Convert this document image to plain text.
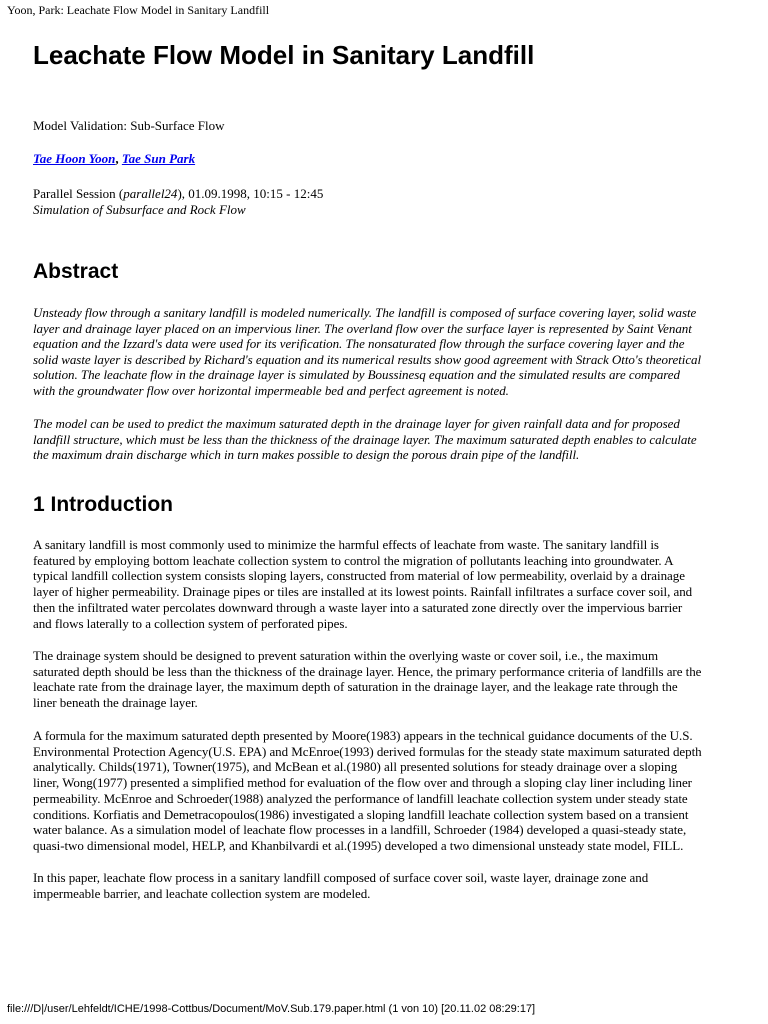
Yoon, Park: Leachate Flow Model in Sanitary Landfill
Leachate Flow Model in Sanitary Landfill
Model Validation: Sub-Surface Flow
Tae Hoon Yoon, Tae Sun Park
Parallel Session (parallel24), 01.09.1998, 10:15 - 12:45
Simulation of Subsurface and Rock Flow
Abstract

Unsteady flow through a sanitary landfill is modeled numerically. The landfill is composed of surface covering layer, solid waste
layer and drainage layer placed on an impervious liner. The overland flow over the surface layer is represented by Saint Venant
equation and the Izzard's data were used for its verification. The nonsaturated flow through the surface covering layer and the
solid waste layer is described by Richard's equation and its numerical results show good agreement with Strack Otto's theoretical
solution. The leachate flow in the drainage layer is simulated by Boussinesq equation and the simulated results are compared
with the groundwater flow over horizontal impermeable bed and perfect agreement is noted.

The model can be used to predict the maximum saturated depth in the drainage layer for given rainfall data and for proposed
landfill structure, which must be less than the thickness of the drainage layer. The maximum saturated depth enables to calculate
the maximum drain discharge which in turn makes possible to design the porous drain pipe of the landfill.

1 Introduction

A sanitary landfill is most commonly used to minimize the harmful effects of leachate from waste. The sanitary landfill is
featured by employing bottom leachate collection system to control the migration of pollutants leaching into groundwater. A
typical landfill collection system consists sloping layers, constructed from material of low permeability, overlaid by a drainage
layer of higher permeability. Drainage pipes or tiles are installed at its lowest points. Rainfall infiltrates a surface cover soil, and
then the infiltrated water percolates downward through a waste layer into a saturated zone directly over the impervious barrier
and flows laterally to a collection system of perforated pipes.

The drainage system should be designed to prevent saturation within the overlying waste or cover soil, i.e., the maximum
saturated depth should be less than the thickness of the drainage layer. Hence, the primary performance criteria of landfills are the
leachate rate from the drainage layer, the maximum depth of saturation in the drainage layer, and the leakage rate through the
liner beneath the drainage layer.

A formula for the maximum saturated depth presented by Moore(1983) appears in the technical guidance documents of the U.S.
Environmental Protection Agency(U.S. EPA) and McEnroe(1993) derived formulas for the steady state maximum saturated depth
analytically. Childs(1971), Towner(1975), and McBean et al.(1980) all presented solutions for steady drainage over a sloping
liner, Wong(1977) presented a simplified method for evaluation of the flow over and through a sloping clay liner including liner
permeability. McEnroe and Schroeder(1988) analyzed the performance of landfill leachate collection system under steady state
conditions. Korfiatis and Demetracopoulos(1986) investigated a sloping landfill leachate collection system based on a transient
water balance. As a simulation model of leachate flow processes in a landfill, Schroeder (1984) developed a quasi-steady state,
quasi-two dimensional model, HELP, and Khanbilvardi et al.(1995) developed a two dimensional unsteady state model, FILL.

In this paper, leachate flow process in a sanitary landfill composed of surface cover soil, waste layer, drainage zone and
impermeable barrier, and leachate collection system are modeled.

file:///D|/user/Lehfeldt/ICHE/1998-Cottbus/Document/MoV.Sub.179.paper.html (1 von 10) [20.11.02 08:29:17]
